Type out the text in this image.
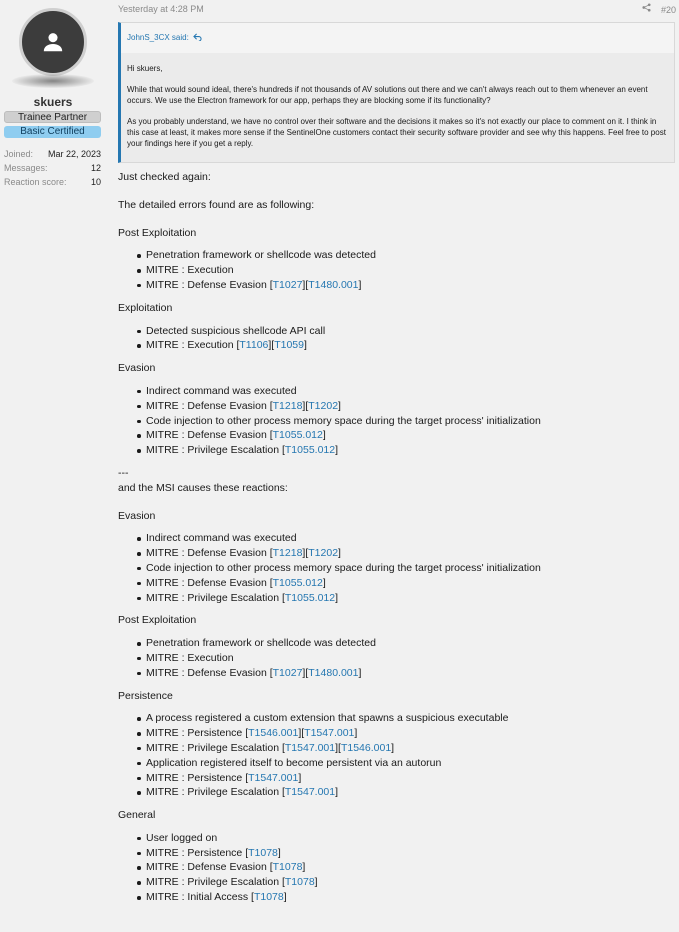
skuers
Trainee Partner
Basic Certified
Joined: Mar 22, 2023
Messages:	12
Reaction score:	10
Yesterday at 4:28 PM	#20
JohnS_3CX said:

Hi skuers,

While that would sound ideal, there's hundreds if not thousands of AV solutions out there and we can't always reach out to them whenever an event occurs. We use the Electron framework for our app, perhaps they are blocking some if its functionality?

As you probably understand, we have no control over their software and the decisions it makes so it's not exactly our place to comment on it. I think in this case at least, it makes more sense if the SentinelOne customers contact their security software provider and see why this happens. Feel free to post your findings here if you get a reply.

Just checked again:

The detailed errors found are as following:

Post Exploitation

Penetration framework or shellcode was detected
MITRE : Execution
MITRE : Defense Evasion [T1027][T1480.001]

Exploitation

Detected suspicious shellcode API call
MITRE : Execution [T1106][T1059]

Evasion

Indirect command was executed
MITRE : Defense Evasion [T1218][T1202]
Code injection to other process memory space during the target process' initialization
MITRE : Defense Evasion [T1055.012]
MITRE : Privilege Escalation [T1055.012]

---

and the MSI causes these reactions:

Evasion

Indirect command was executed
MITRE : Defense Evasion [T1218][T1202]
Code injection to other process memory space during the target process' initialization
MITRE : Defense Evasion [T1055.012]
MITRE : Privilege Escalation [T1055.012]

Post Exploitation

Penetration framework or shellcode was detected
MITRE : Execution
MITRE : Defense Evasion [T1027][T1480.001]

Persistence

A process registered a custom extension that spawns a suspicious executable
MITRE : Persistence [T1546.001][T1547.001]
MITRE : Privilege Escalation [T1547.001][T1546.001]
Application registered itself to become persistent via an autorun
MITRE : Persistence [T1547.001]
MITRE : Privilege Escalation [T1547.001]

General

User logged on
MITRE : Persistence [T1078]
MITRE : Defense Evasion [T1078]
MITRE : Privilege Escalation [T1078]
MITRE : Initial Access [T1078]
